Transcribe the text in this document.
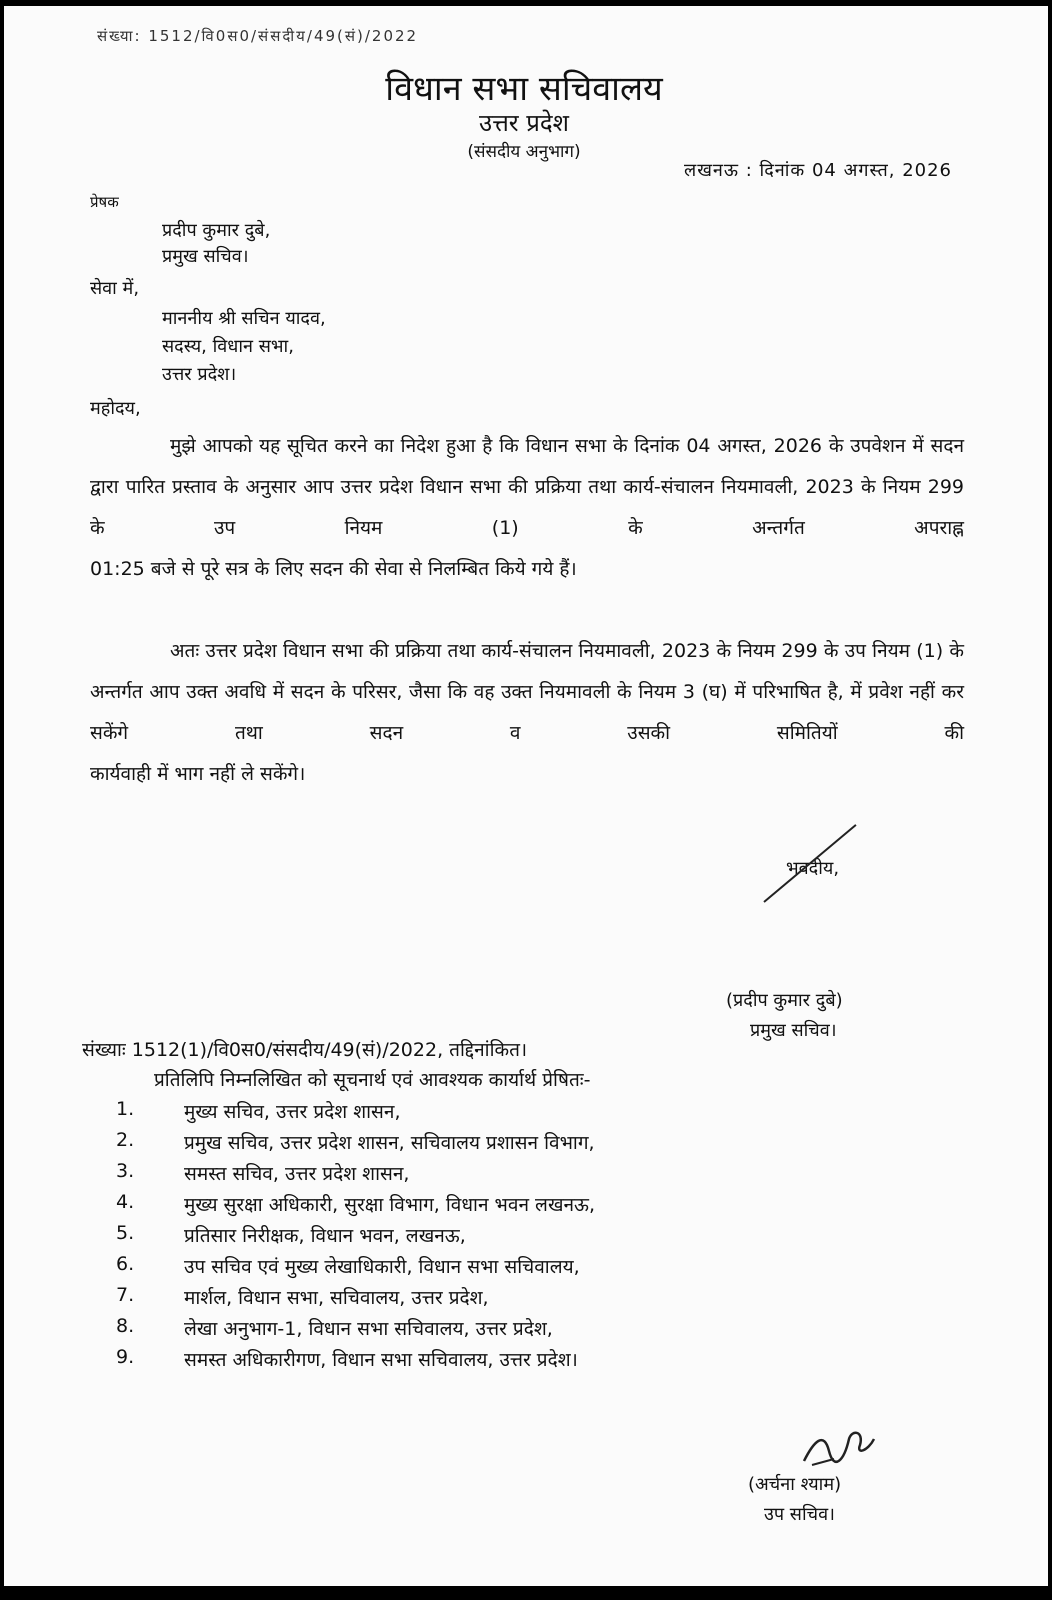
संख्या: 1512/वि0स0/संसदीय/49(सं)/2022
विधान सभा सचिवालय
उत्तर प्रदेश
(संसदीय अनुभाग)
लखनऊ : दिनांक 04 अगस्त, 2026
प्रेषक
प्रदीप कुमार दुबे,
प्रमुख सचिव।
सेवा में,
माननीय श्री सचिन यादव,
सदस्य, विधान सभा,
उत्तर प्रदेश।
महोदय,
मुझे आपको यह सूचित करने का निदेश हुआ है कि विधान सभा के दिनांक 04 अगस्त, 2026 के उपवेशन में सदन द्वारा पारित प्रस्ताव के अनुसार आप उत्तर प्रदेश विधान सभा की प्रक्रिया तथा कार्य-संचालन नियमावली, 2023 के नियम 299 के उप नियम (1) के अन्तर्गत अपराह्न
01:25 बजे से पूरे सत्र के लिए सदन की सेवा से निलम्बित किये गये हैं।
अतः उत्तर प्रदेश विधान सभा की प्रक्रिया तथा कार्य-संचालन नियमावली, 2023 के नियम 299 के उप नियम (1) के अन्तर्गत आप उक्त अवधि में सदन के परिसर, जैसा कि वह उक्त नियमावली के नियम 3 (घ) में परिभाषित है, में प्रवेश नहीं कर सकेंगे तथा सदन व उसकी समितियों की
कार्यवाही में भाग नहीं ले सकेंगे।
भवदीय,
(प्रदीप कुमार दुबे)
प्रमुख सचिव।
संख्याः 1512(1)/वि0स0/संसदीय/49(सं)/2022, तद्दिनांकित।
प्रतिलिपि निम्नलिखित को सूचनार्थ एवं आवश्यक कार्यार्थ प्रेषितः-
1.	मुख्य सचिव, उत्तर प्रदेश शासन,
2.	प्रमुख सचिव, उत्तर प्रदेश शासन, सचिवालय प्रशासन विभाग,
3.	समस्त सचिव, उत्तर प्रदेश शासन,
4.	मुख्य सुरक्षा अधिकारी, सुरक्षा विभाग, विधान भवन लखनऊ,
5.	प्रतिसार निरीक्षक, विधान भवन, लखनऊ,
6.	उप सचिव एवं मुख्य लेखाधिकारी, विधान सभा सचिवालय,
7.	मार्शल, विधान सभा, सचिवालय, उत्तर प्रदेश,
8.	लेखा अनुभाग-1, विधान सभा सचिवालय, उत्तर प्रदेश,
9.	समस्त अधिकारीगण, विधान सभा सचिवालय, उत्तर प्रदेश।
(अर्चना श्याम)
उप सचिव।
